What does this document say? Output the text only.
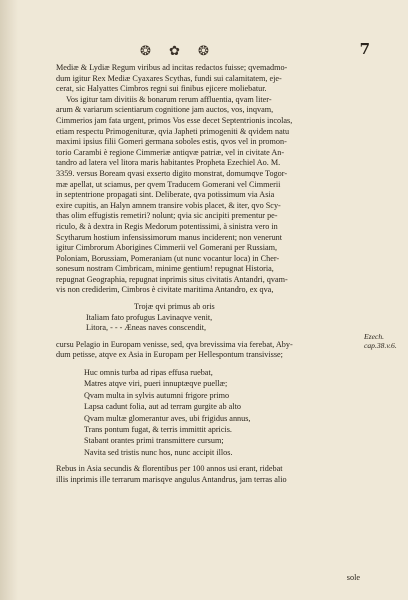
❂ ✿ ❂	7

Mediæ & Lydiæ Regum viribus ad incitas redactos fuisse; qvemadmo-
dum igitur Rex Mediæ Cyaxares Scythas, fundi sui calamitatem, eje-
cerat, sic Halyattes Cimbros regni sui finibus ejicere moliebatur.

Vos igitur tam divitiis & bonarum rerum affluentia, qvam liter-
arum & variarum scientiarum cognitione jam auctos, vos, inqvam,
Cimmerios jam fata urgent, primos Vos esse decet Septentrionis incolas,
etiam respectu Primogenituræ, qvia Japheti primogeniti & qvidem natu
maximi ipsius filii Gomeri germana soboles estis, qvos vel in promon-
torio Carambi è regione Cimmeriæ antiqvæ patriæ, vel in civitate An-
tandro ad latera vel litora maris habitantes Propheta Ezechiel Ao. M.
3359. versus Boream qvasi exserto digito monstrat, domumqve Togor-
mæ apellat, ut sciamus, per qvem Traducem Gomerani vel Cimmerii
in septentrione propagati sint. Deliberate, qva potissimum via Asia
exire cupitis, an Halyn amnem transire vobis placet, & iter, qvo Scy-
thas olim effugistis remetiri? nolunt; qvia sic ancipiti prementur pe-
riculo, & à dextra in Regis Medorum potentissimi, à sinistra vero in
Scytharum hostium infensissimorum manus inciderent; non venerunt
igitur Cimbrorum Aborigines Cimmerii vel Gomerani per Russiam,
Poloniam, Borussiam, Pomeraniam (ut nunc vocantur loca) in Cher-
sonesum nostram Cimbricam, minime gentium! repugnat Historia,
repugnat Geographia, repugnat inprimis situs civitatis Antandri, qvam-
vis non crediderim, Cimbros è civitate maritima Antandro, ex qva,

Trojæ qvi primus ab oris
Italiam fato profugus Lavinaqve venit,
Litora, - - - Æneas naves conscendit,

cursu Pelagio in Europam venisse, sed, qva brevissima via ferebat, Aby-
dum petisse, atqve ex Asia in Europam per Hellespontum transivisse;

Huc omnis turba ad ripas effusa ruebat,
Matres atqve viri, pueri innuptæqve puellæ;
Qvam multa in sylvis autumni frigore primo
Lapsa cadunt folia, aut ad terram gurgite ab alto
Qvam multæ glomerantur aves, ubi frigidus annus,
Trans pontum fugat, & terris immittit apricis.
Stabant orantes primi transmittere cursum;
Navita sed tristis nunc hos, nunc accipit illos.

Rebus in Asia secundis & florentibus per 100 annos usi erant, ridebat
illis inprimis ille terrarum marisqve angulus Antandrus, jam terras alio

sole
Ezech.
cap.38.v.6.
